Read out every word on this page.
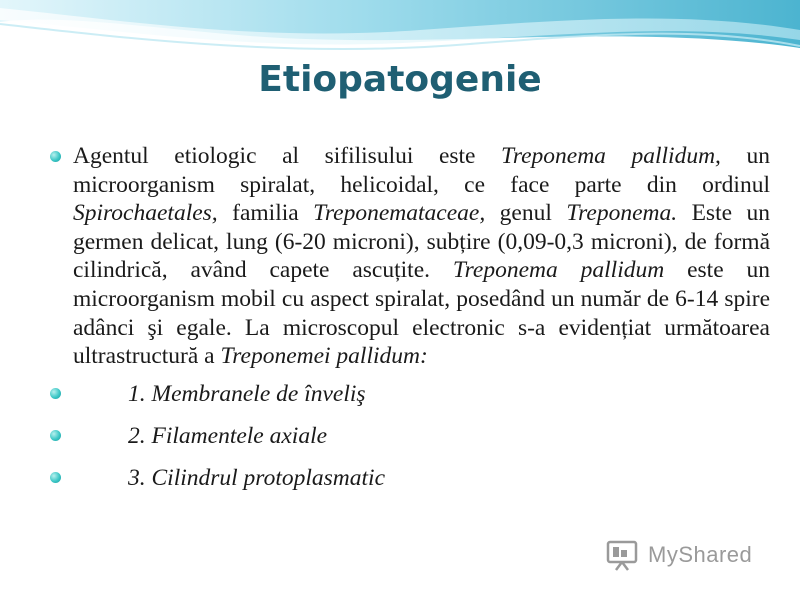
Etiopatogenie

Agentul etiologic al sifilisului este Treponema pallidum, un microorganism spiralat, helicoidal, ce face parte din ordinul Spirochaetales, familia Treponemataceae, genul Treponema. Este un germen delicat, lung (6-20 microni), subțire (0,09-0,3 microni), de formă cilindrică, având capete ascuțite. Treponema pallidum este un microorganism mobil cu aspect spiralat, posedând un număr de 6-14 spire adânci şi egale. La microscopul electronic s-a evidențiat următoarea ultrastructură a Treponemei pallidum:

1. Membranele de înveliş
2. Filamentele axiale
3. Cilindrul protoplasmatic
MyShared
